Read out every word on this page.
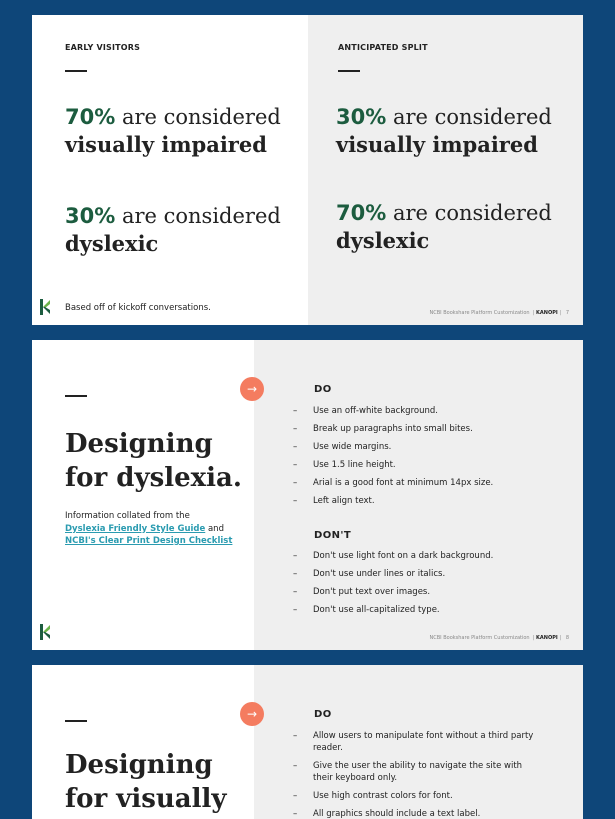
EARLY VISITORS
70% are considered
visually impaired
30% are considered
dyslexic
ANTICIPATED SPLIT
30% are considered
visually impaired
70% are considered
dyslexic
Based off of kickoff conversations.	NCBI Bookshare Platform Customization  | KANOPI |   7
Designing
for dyslexia.
Information collated from the
Dyslexia Friendly Style Guide and
NCBI's Clear Print Design Checklist
→	DO
– Use an off-white background.
– Break up paragraphs into small bites.
– Use wide margins.
– Use 1.5 line height.
– Arial is a good font at minimum 14px size.
– Left align text.
DON'T
– Don't use light font on a dark background.
– Don't use under lines or italics.
– Don't put text over images.
– Don't use all-capitalized type.
NCBI Bookshare Platform Customization  | KANOPI |   8
Designing
for visually
→	DO
– Allow users to manipulate font without a third party reader.
– Give the user the ability to navigate the site with their keyboard only.
– Use high contrast colors for font.
– All graphics should include a text label.
